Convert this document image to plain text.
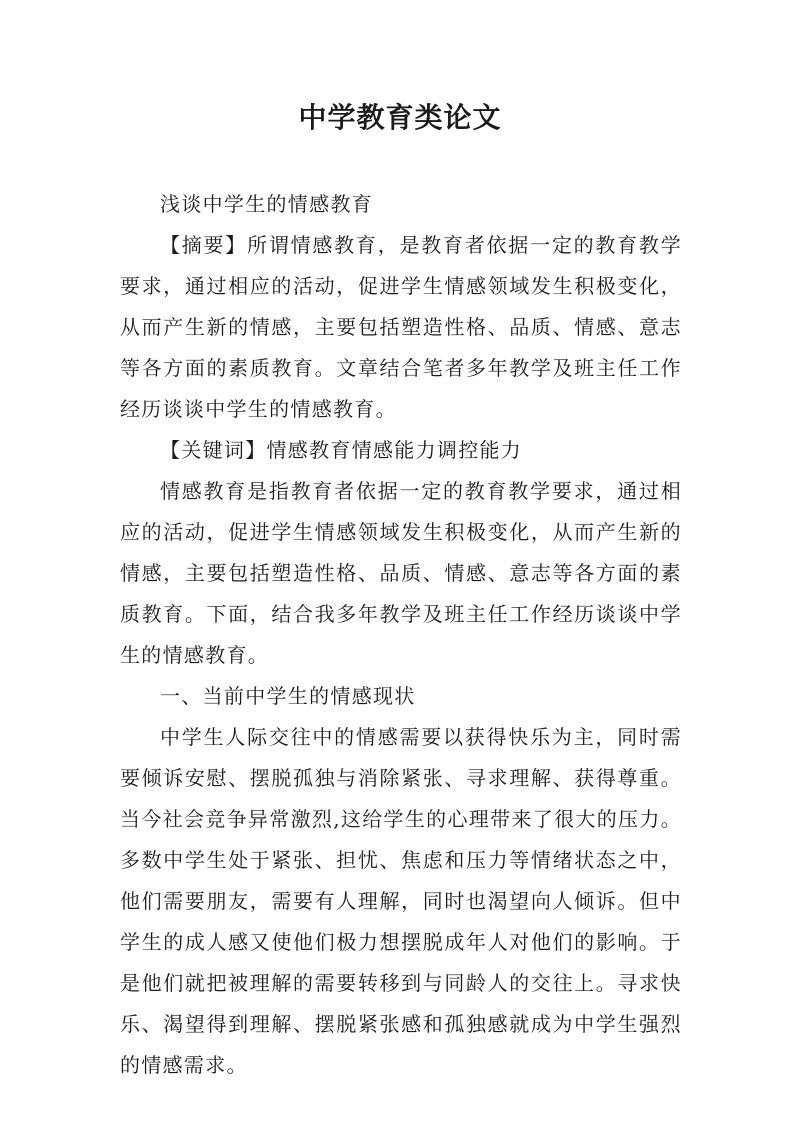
中学教育类论文

浅谈中学生的情感教育

【摘要】所谓情感教育，是教育者依据一定的教育教学要求，通过相应的活动，促进学生情感领域发生积极变化，从而产生新的情感，主要包括塑造性格、品质、情感、意志等各方面的素质教育。文章结合笔者多年教学及班主任工作经历谈谈中学生的情感教育。

【关键词】情感教育情感能力调控能力

情感教育是指教育者依据一定的教育教学要求，通过相应的活动，促进学生情感领域发生积极变化，从而产生新的情感，主要包括塑造性格、品质、情感、意志等各方面的素质教育。下面，结合我多年教学及班主任工作经历谈谈中学生的情感教育。

一、当前中学生的情感现状

中学生人际交往中的情感需要以获得快乐为主，同时需要倾诉安慰、摆脱孤独与消除紧张、寻求理解、获得尊重。当今社会竞争异常激烈,这给学生的心理带来了很大的压力。多数中学生处于紧张、担忧、焦虑和压力等情绪状态之中，他们需要朋友，需要有人理解，同时也渴望向人倾诉。但中学生的成人感又使他们极力想摆脱成年人对他们的影响。于是他们就把被理解的需要转移到与同龄人的交往上。寻求快乐、渴望得到理解、摆脱紧张感和孤独感就成为中学生强烈的情感需求。
